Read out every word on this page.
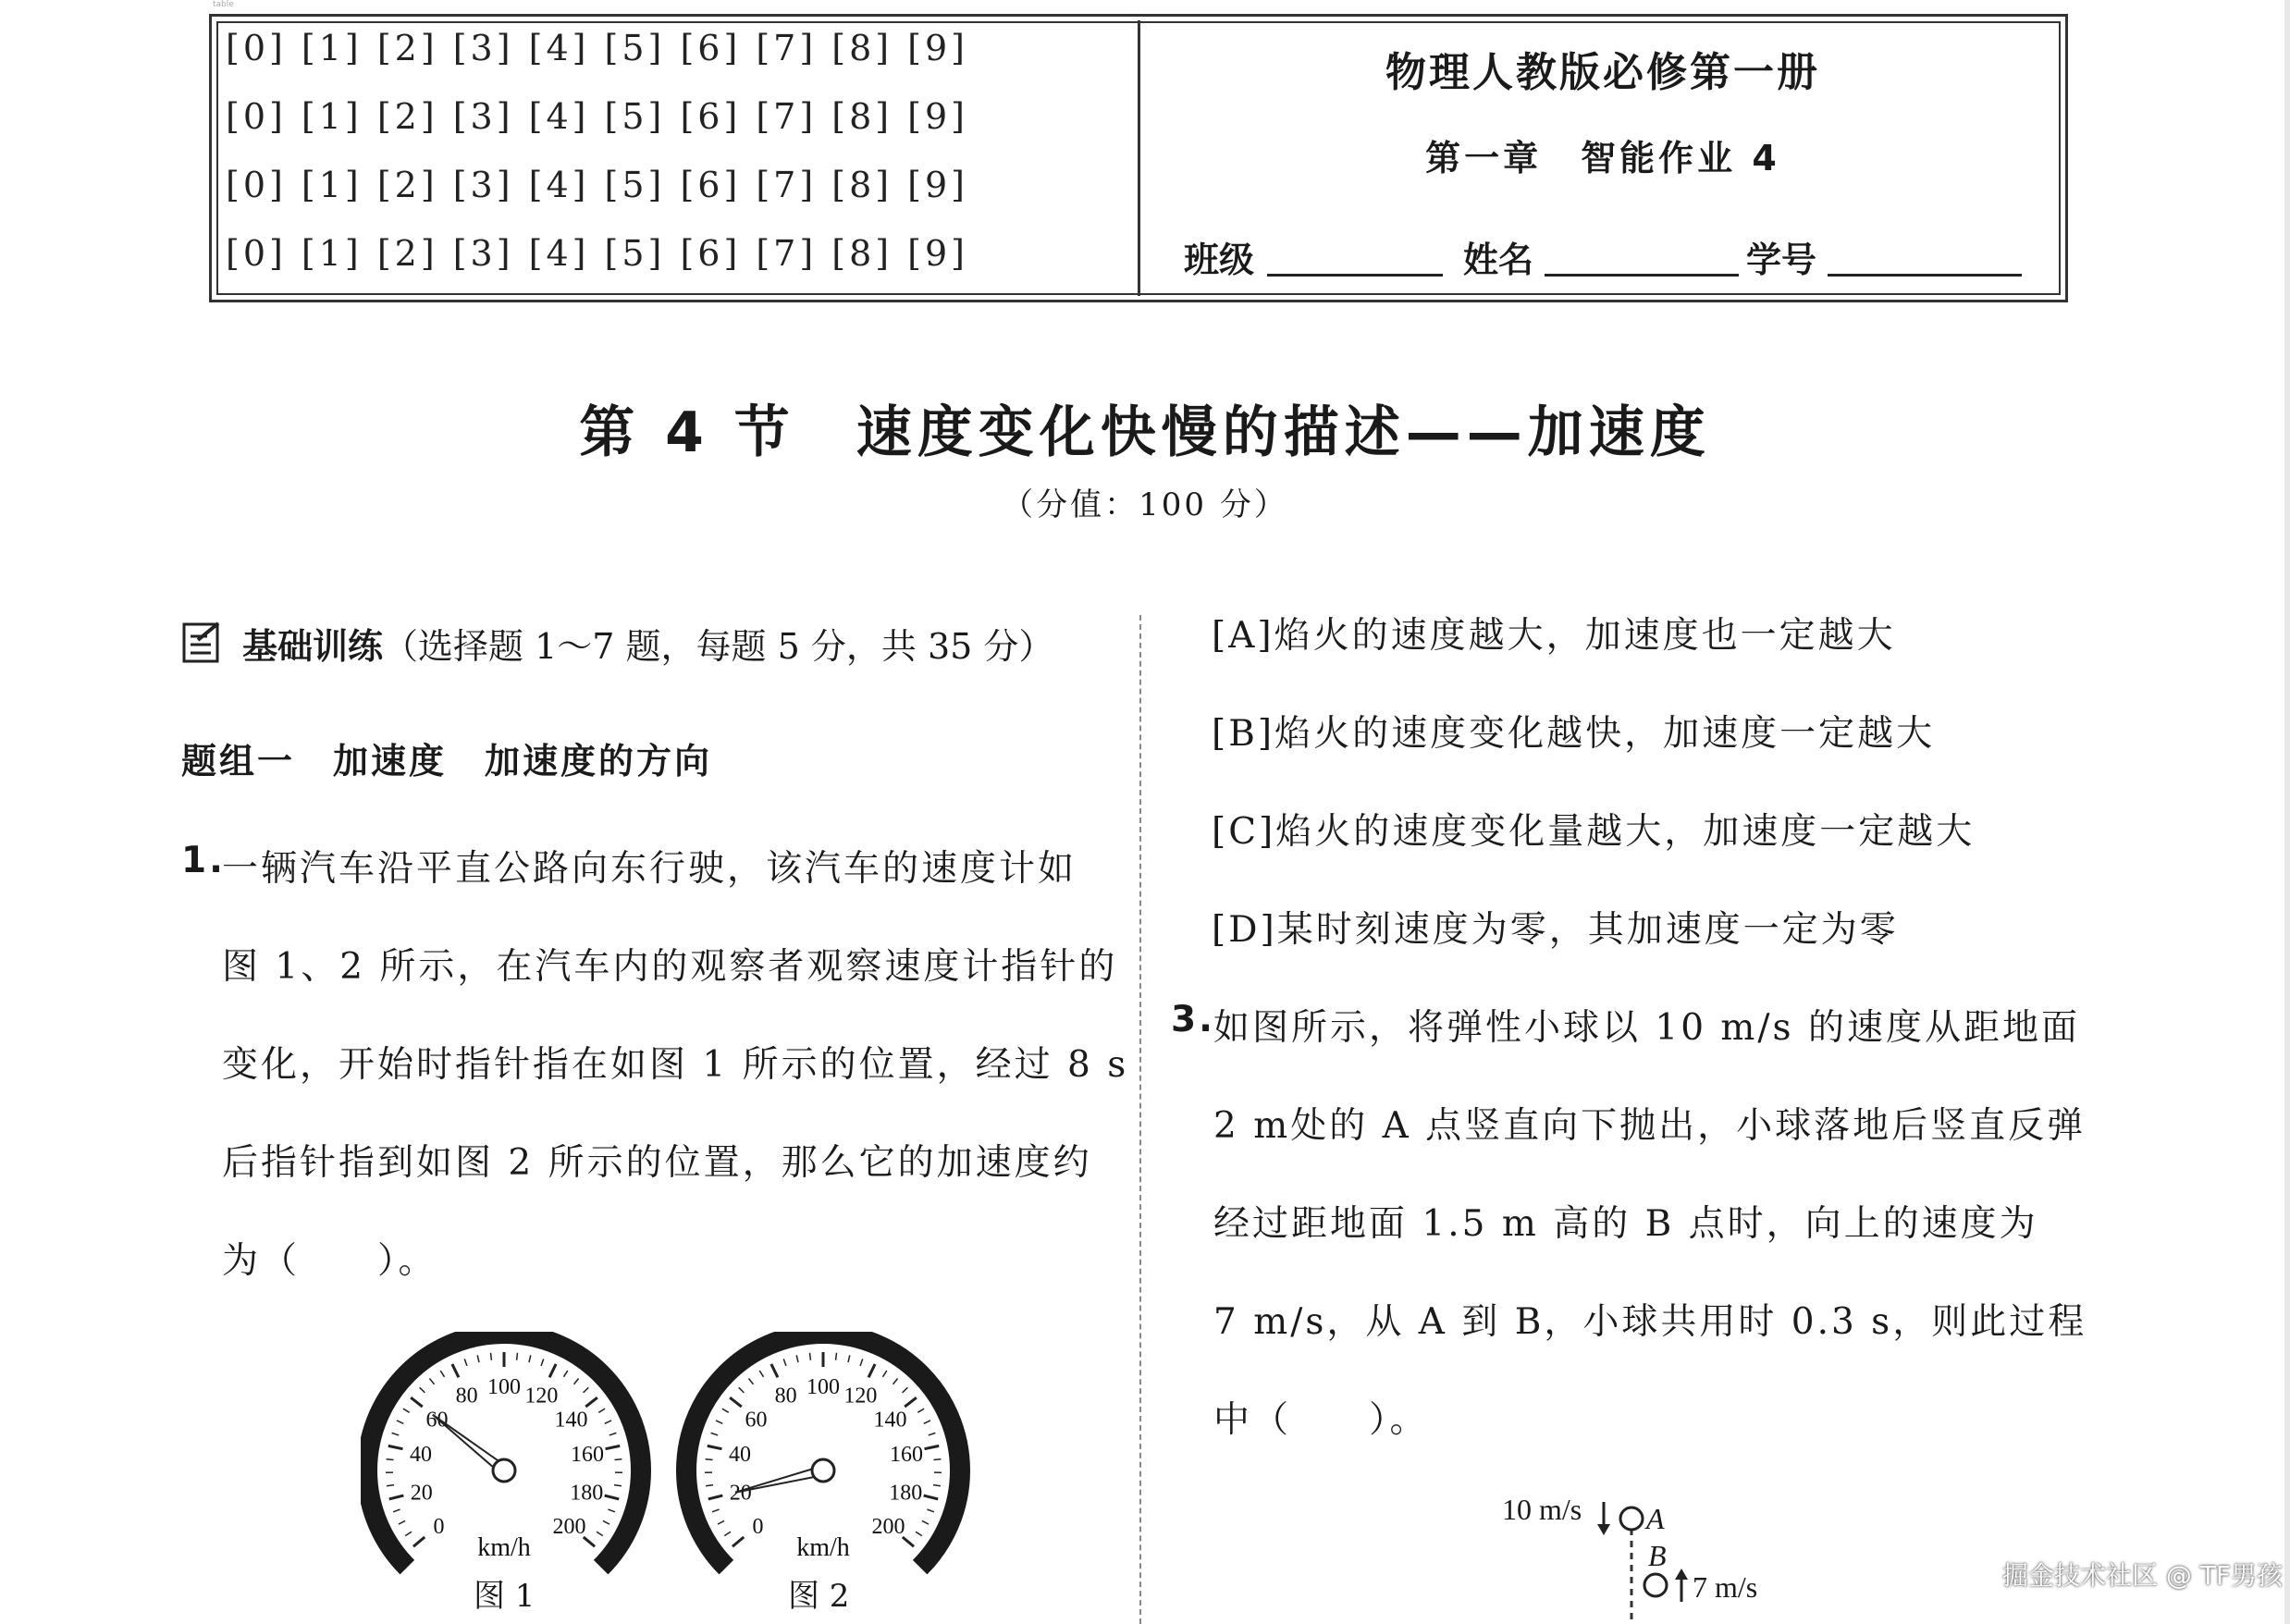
table
[0] [1] [2] [3] [4] [5] [6] [7] [8] [9]
[0] [1] [2] [3] [4] [5] [6] [7] [8] [9]
[0] [1] [2] [3] [4] [5] [6] [7] [8] [9]
[0] [1] [2] [3] [4] [5] [6] [7] [8] [9]
物理人教版必修第一册
第一章　智能作业 4
班级	姓名	学号
第 4 节　速度变化快慢的描述——加速度
（分值：100 分）
基础训练（选择题 1～7 题，每题 5 分，共 35 分）
题组一　加速度　加速度的方向
1.
一辆汽车沿平直公路向东行驶，该汽车的速度计如
图 1、2 所示，在汽车内的观察者观察速度计指针的
变化，开始时指针指在如图 1 所示的位置，经过 8 s
后指针指到如图 2 所示的位置，那么它的加速度约
为（　　）。
0
20
40
60
80 100 120
140
160
180
200
km/h
0
20
40
60
80 100 120
140
160
180
200
km/h
图 1	图 2
[A]焰火的速度越大，加速度也一定越大
[B]焰火的速度变化越快，加速度一定越大
[C]焰火的速度变化量越大，加速度一定越大
[D]某时刻速度为零，其加速度一定为零
3.
如图所示，将弹性小球以 10 m/s 的速度从距地面
2 m处的 A 点竖直向下抛出，小球落地后竖直反弹
经过距地面 1.5 m 高的 B 点时，向上的速度为
7 m/s，从 A 到 B，小球共用时 0.3 s，则此过程
中（　　）。
10 m/s A
B
7 m/s	掘金技术社区 @ TF男孩
